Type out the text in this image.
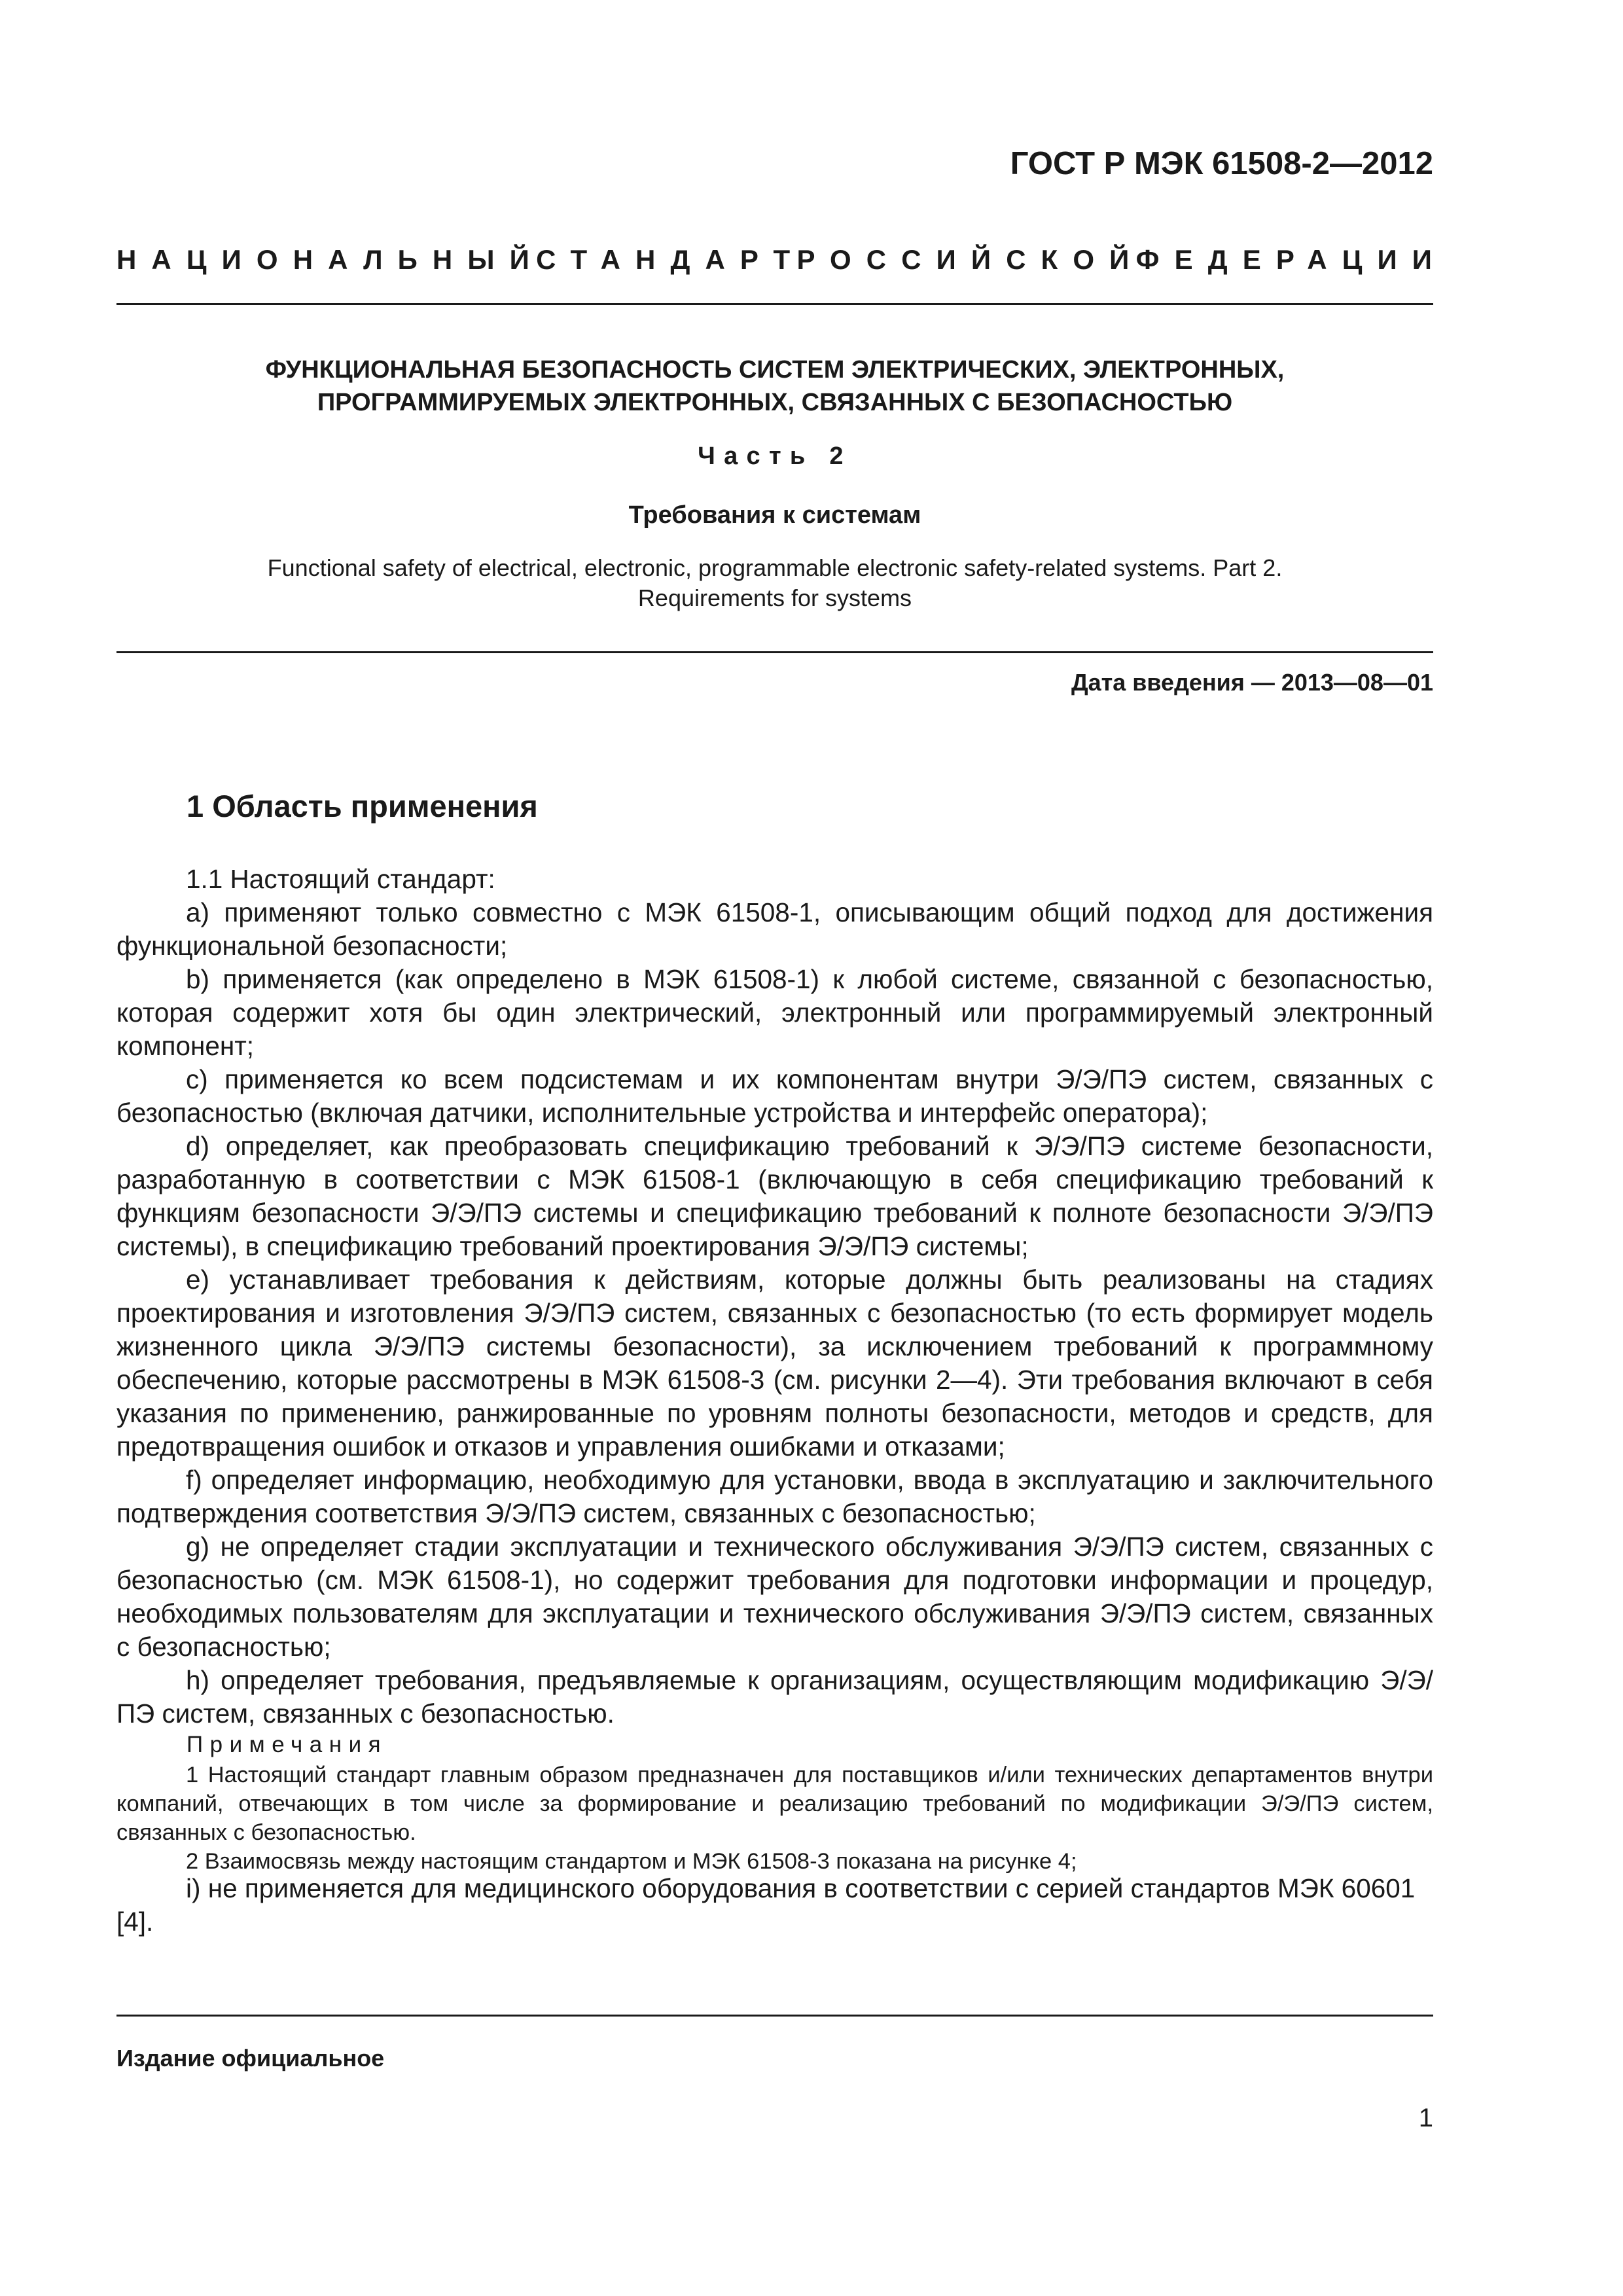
ГОСТ Р МЭК 61508-2—2012
НАЦИОНАЛЬНЫЙ
СТАНДАРТ
РОССИЙСКОЙ
ФЕДЕРАЦИИ
ФУНКЦИОНАЛЬНАЯ БЕЗОПАСНОСТЬ СИСТЕМ ЭЛЕКТРИЧЕСКИХ, ЭЛЕКТРОННЫХ,
ПРОГРАММИРУЕМЫХ ЭЛЕКТРОННЫХ, СВЯЗАННЫХ С БЕЗОПАСНОСТЬЮ
Часть 2
Требования к системам
Functional safety of electrical, electronic, programmable electronic safety-related systems. Part 2.
Requirements for systems
Дата введения — 2013—08—01
1 Область применения

1.1 Настоящий стандарт:

a) применяют только совместно с МЭК 61508-1, описывающим общий подход для достижения функциональной безопасности;

b) применяется (как определено в МЭК 61508-1) к любой системе, связанной с безопасностью, которая содержит хотя бы один электрический, электронный или программируемый электронный компонент;

c) применяется ко всем подсистемам и их компонентам внутри Э/Э/ПЭ систем, связанных с безопасностью (включая датчики, исполнительные устройства и интерфейс оператора);

d) определяет, как преобразовать спецификацию требований к Э/Э/ПЭ системе безопасности, разработанную в соответствии с МЭК 61508-1 (включающую в себя спецификацию требований к функциям безопасности Э/Э/ПЭ системы и спецификацию требований к полноте безопасности Э/Э/ПЭ системы), в спецификацию требований проектирования Э/Э/ПЭ системы;

e) устанавливает требования к действиям, которые должны быть реализованы на стадиях проектирования и изготовления Э/Э/ПЭ систем, связанных с безопасностью (то есть формирует модель жизненного цикла Э/Э/ПЭ системы безопасности), за исключением требований к программному обеспечению, которые рассмотрены в МЭК 61508-3 (см. рисунки 2—4). Эти требования включают в себя указания по применению, ранжированные по уровням полноты безопасности, методов и средств, для предотвращения ошибок и отказов и управления ошибками и отказами;

f) определяет информацию, необходимую для установки, ввода в эксплуатацию и заключительного подтверждения соответствия Э/Э/ПЭ систем, связанных с безопасностью;

g) не определяет стадии эксплуатации и технического обслуживания Э/Э/ПЭ систем, связанных с безопасностью (см. МЭК 61508-1), но содержит требования для подготовки информации и процедур, необходимых пользователям для эксплуатации и технического обслуживания Э/Э/ПЭ систем, связанных с безопасностью;

h) определяет требования, предъявляемые к организациям, осуществляющим модификацию Э/Э/ПЭ систем, связанных с безопасностью.

Примечания

1 Настоящий стандарт главным образом предназначен для поставщиков и/или технических департаментов внутри компаний, отвечающих в том числе за формирование и реализацию требований по модификации Э/Э/ПЭ систем, связанных с безопасностью.

2 Взаимосвязь между настоящим стандартом и МЭК 61508-3 показана на рисунке 4;

i) не применяется для медицинского оборудования в соответствии с серией стандартов МЭК 60601 [4].
Издание официальное
1
